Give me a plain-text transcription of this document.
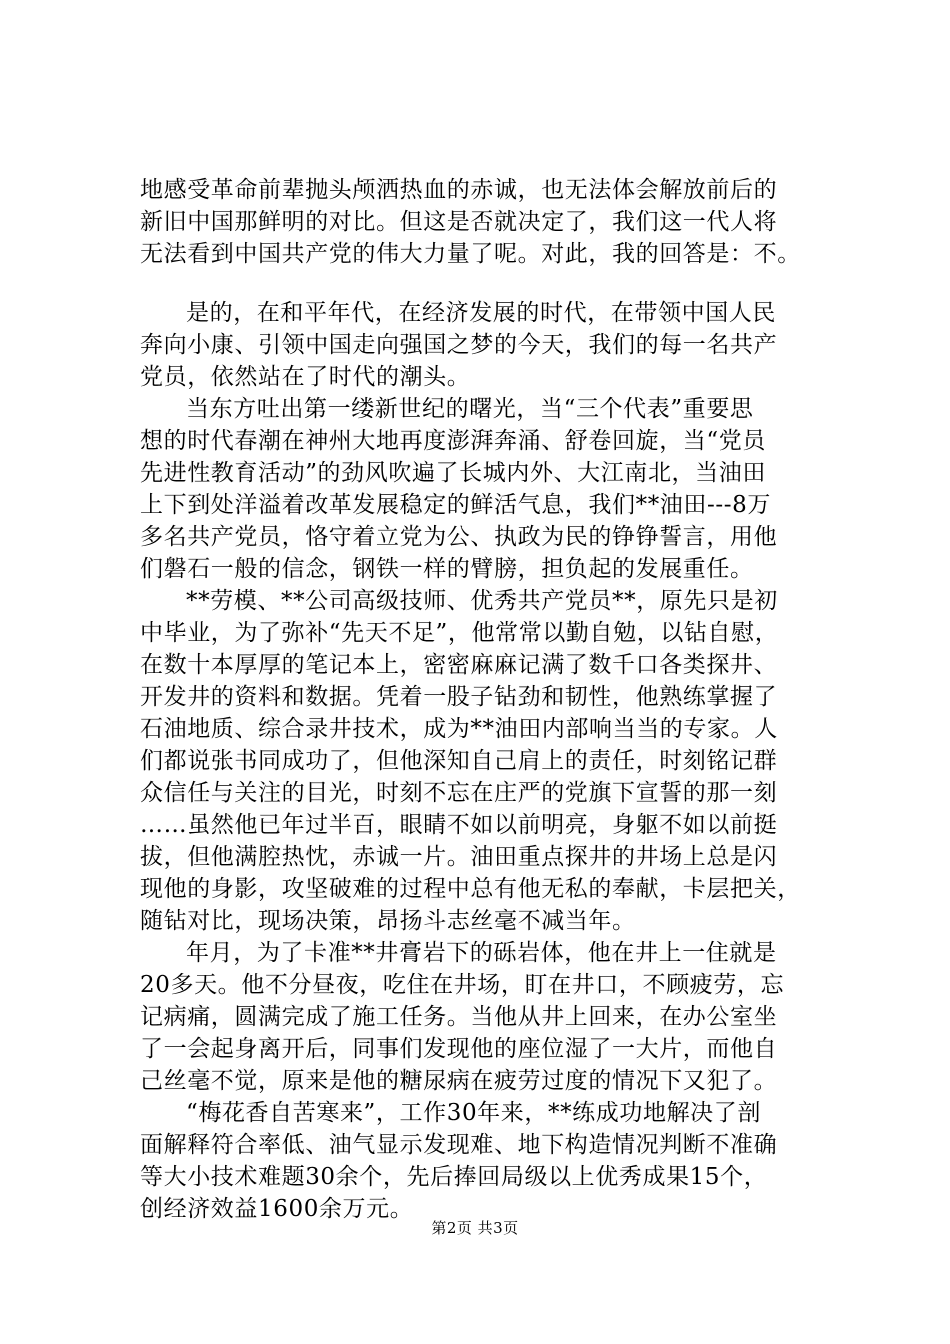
地感受革命前辈抛头颅洒热血的赤诚，也无法体会解放前后的
新旧中国那鲜明的对比。但这是否就决定了，我们这一代人将
无法看到中国共产党的伟大力量了呢。对此，我的回答是：不。
是的，在和平年代，在经济发展的时代，在带领中国人民
奔向小康、引领中国走向强国之梦的今天，我们的每一名共产
党员，依然站在了时代的潮头。
当东方吐出第一缕新世纪的曙光，当“三个代表”重要思
想的时代春潮在神州大地再度澎湃奔涌、舒卷回旋，当“党员
先进性教育活动”的劲风吹遍了长城内外、大江南北，当油田
上下到处洋溢着改革发展稳定的鲜活气息，我们**油田---8万
多名共产党员，恪守着立党为公、执政为民的铮铮誓言，用他
们磐石一般的信念，钢铁一样的臂膀，担负起的发展重任。
**劳模、**公司高级技师、优秀共产党员**，原先只是初
中毕业，为了弥补“先天不足”，他常常以勤自勉，以钻自慰，
在数十本厚厚的笔记本上，密密麻麻记满了数千口各类探井、
开发井的资料和数据。凭着一股子钻劲和韧性，他熟练掌握了
石油地质、综合录井技术，成为**油田内部响当当的专家。人
们都说张书同成功了，但他深知自己肩上的责任，时刻铭记群
众信任与关注的目光，时刻不忘在庄严的党旗下宣誓的那一刻
……虽然他已年过半百，眼睛不如以前明亮，身躯不如以前挺
拔，但他满腔热忱，赤诚一片。油田重点探井的井场上总是闪
现他的身影，攻坚破难的过程中总有他无私的奉献，卡层把关，
随钻对比，现场决策，昂扬斗志丝毫不减当年。
年月，为了卡准**井膏岩下的砾岩体，他在井上一住就是
20多天。他不分昼夜，吃住在井场，盯在井口，不顾疲劳，忘
记病痛，圆满完成了施工任务。当他从井上回来，在办公室坐
了一会起身离开后，同事们发现他的座位湿了一大片，而他自
己丝毫不觉，原来是他的糖尿病在疲劳过度的情况下又犯了。
“梅花香自苦寒来”，工作30年来，**练成功地解决了剖
面解释符合率低、油气显示发现难、地下构造情况判断不准确
等大小技术难题30余个，先后捧回局级以上优秀成果15个，
创经济效益1600余万元。
第2页 共3页
